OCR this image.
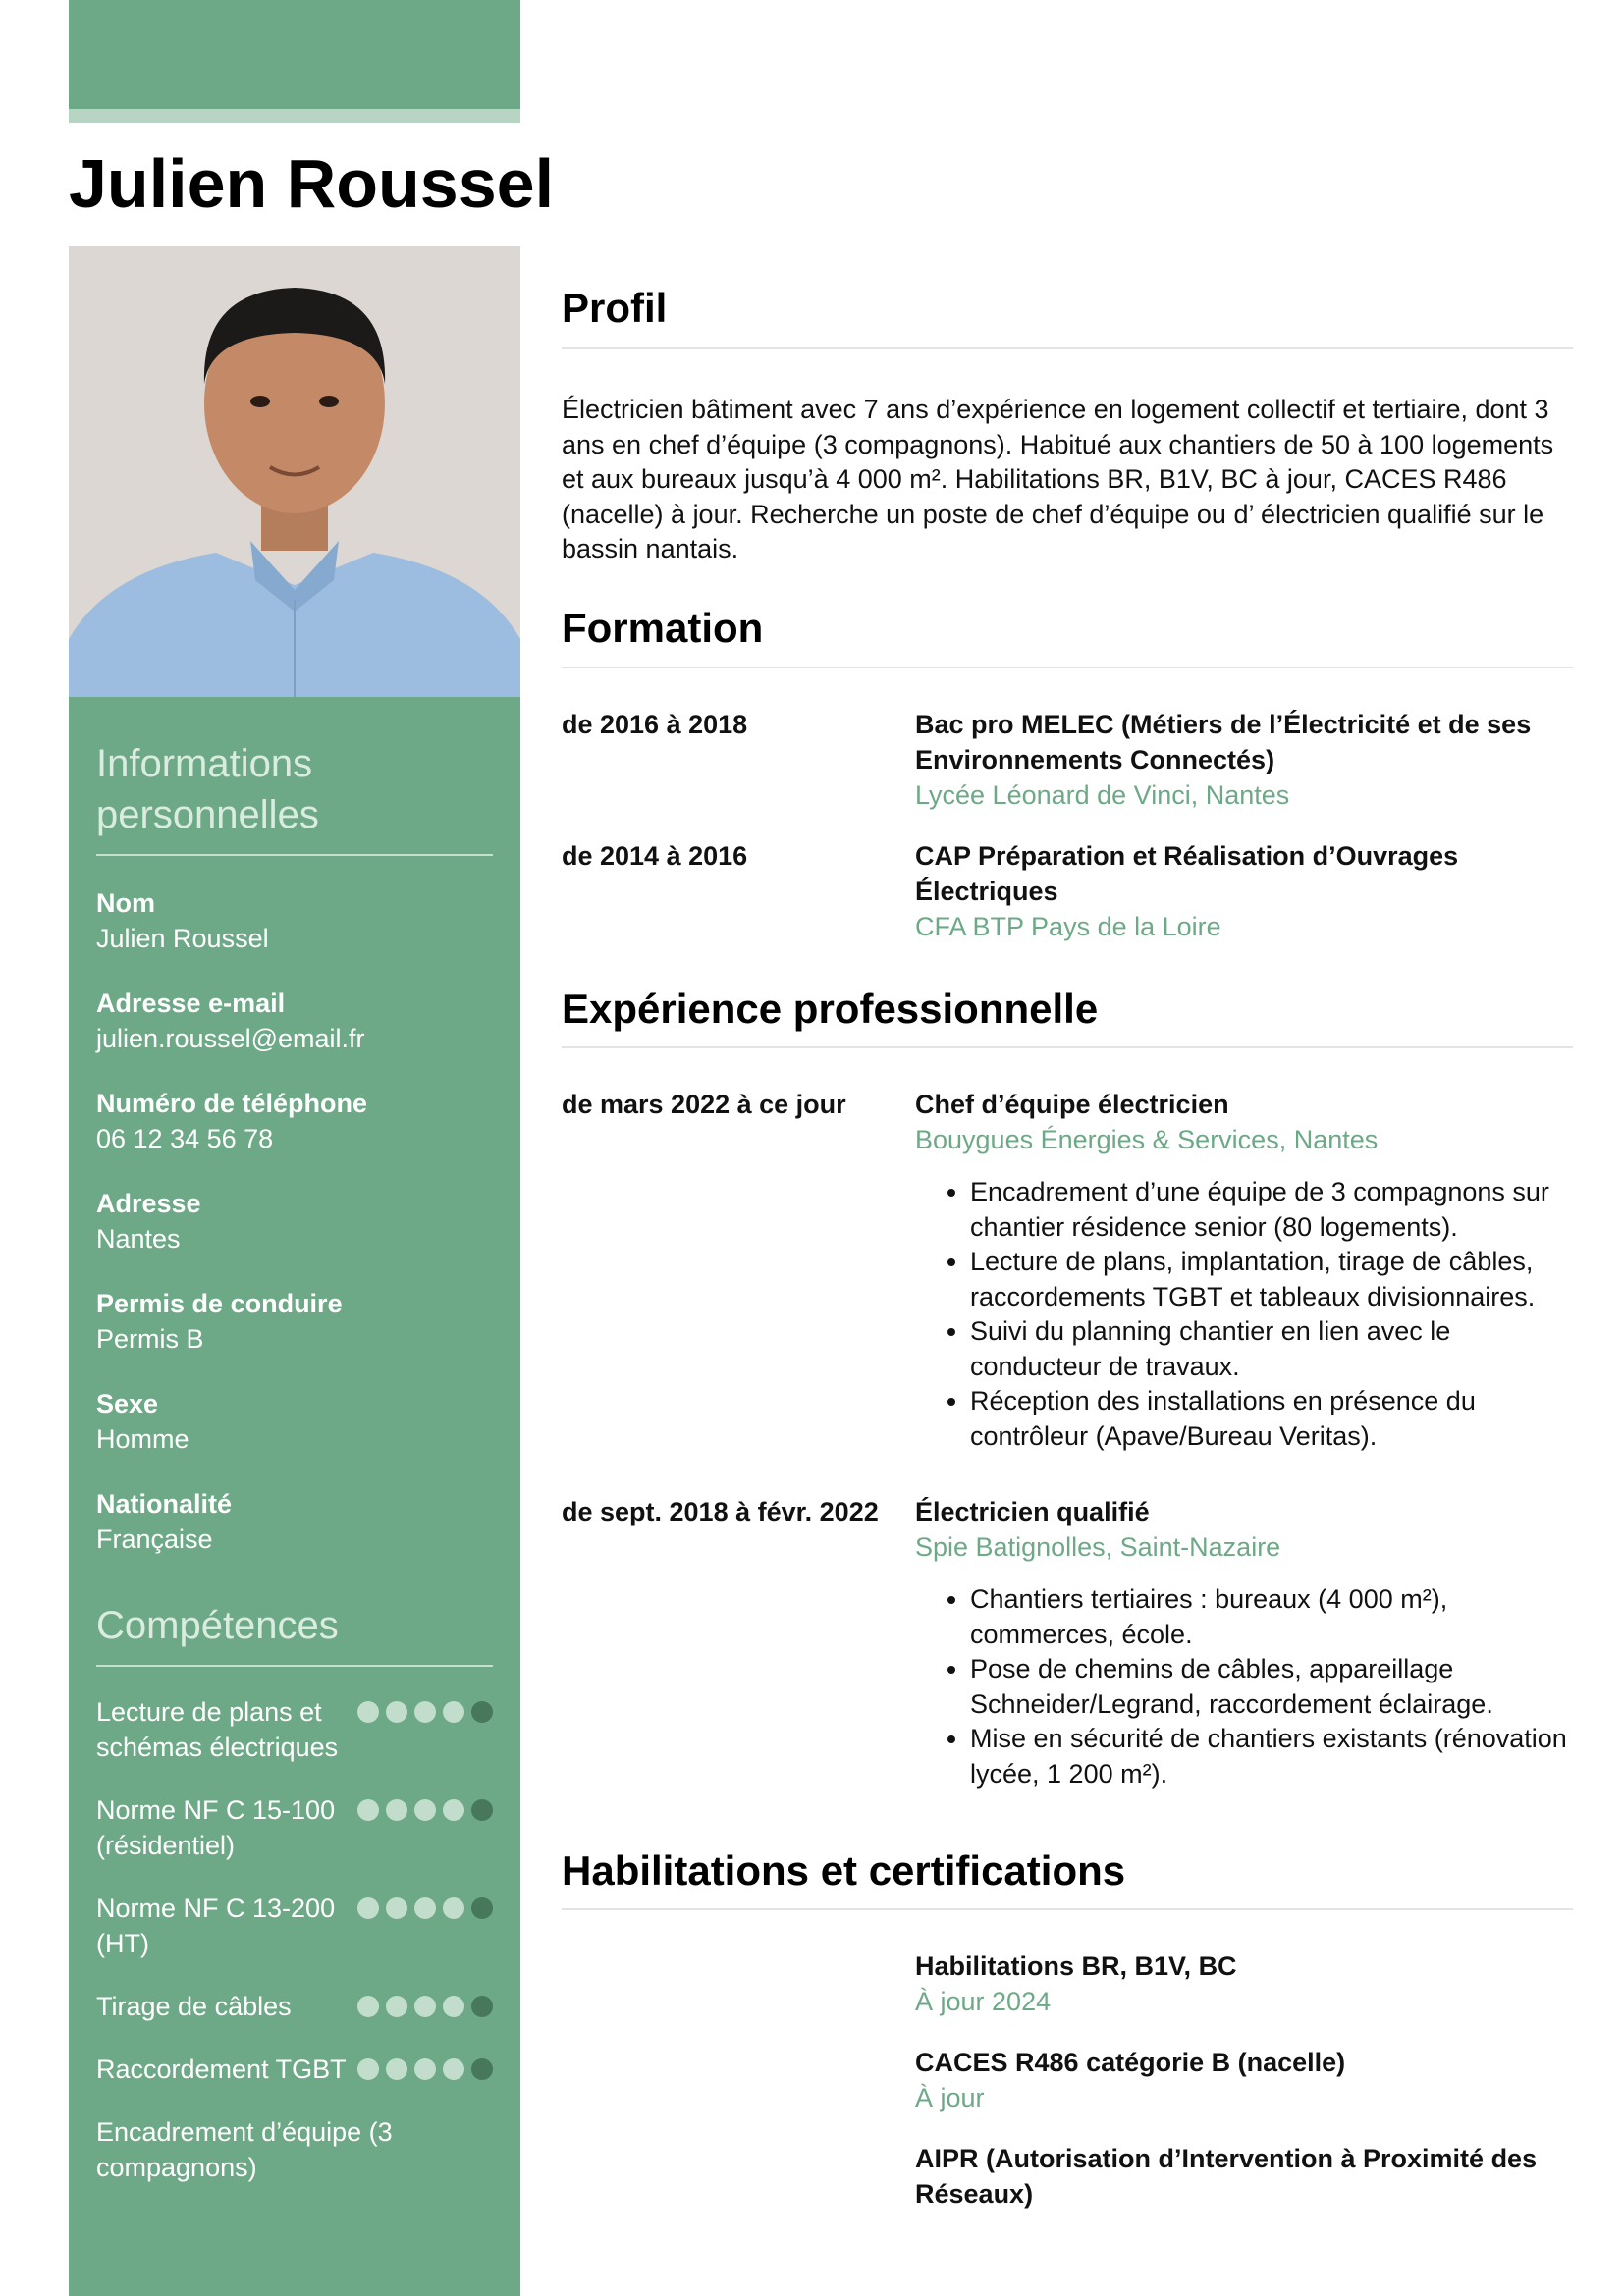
Julien Roussel
Informations personnelles
Nom
Julien Roussel
Adresse e-mail
julien.roussel@email.fr
Numéro de téléphone
06 12 34 56 78
Adresse
Nantes
Permis de conduire
Permis B
Sexe
Homme
Nationalité
Française
Compétences
Lecture de plans et schémas électriques
Norme NF C 15-100 (résidentiel)
Norme NF C 13-200 (HT)
Tirage de câbles
Raccordement TGBT
Encadrement d’équipe (3 compagnons)
Profil

Électricien bâtiment avec 7 ans d’expérience en logement collectif et tertiaire, dont 3 ans en chef d’équipe (3 compagnons). Habitué aux chantiers de 50 à 100 logements et aux bureaux jusqu’à 4 000 m². Habilitations BR, B1V, BC à jour, CACES R486 (nacelle) à jour. Recherche un poste de chef d’équipe ou d’ électricien qualifié sur le bassin nantais.

Formation
de 2016 à 2018	Bac pro MELEC (Métiers de l’Électricité et de ses Environnements Connectés)
Lycée Léonard de Vinci, Nantes
de 2014 à 2016	CAP Préparation et Réalisation d’Ouvrages Électriques
CFA BTP Pays de la Loire
Expérience professionnelle
de mars 2022 à ce jour	Chef d’équipe électricien
Bouygues Énergies & Services, Nantes
• Encadrement d’une équipe de 3 compagnons sur chantier résidence senior (80 logements).
• Lecture de plans, implantation, tirage de câbles, raccordements TGBT et tableaux divisionnaires.
• Suivi du planning chantier en lien avec le conducteur de travaux.
• Réception des installations en présence du contrôleur (Apave/Bureau Veritas).
de sept. 2018 à févr. 2022	Électricien qualifié
Spie Batignolles, Saint-Nazaire
• Chantiers tertiaires : bureaux (4 000 m²), commerces, école.
• Pose de chemins de câbles, appareillage Schneider/Legrand, raccordement éclairage.
• Mise en sécurité de chantiers existants (rénovation lycée, 1 200 m²).
Habilitations et certifications
Habilitations BR, B1V, BC
À jour 2024
CACES R486 catégorie B (nacelle)
À jour
AIPR (Autorisation d’Intervention à Proximité des Réseaux)
